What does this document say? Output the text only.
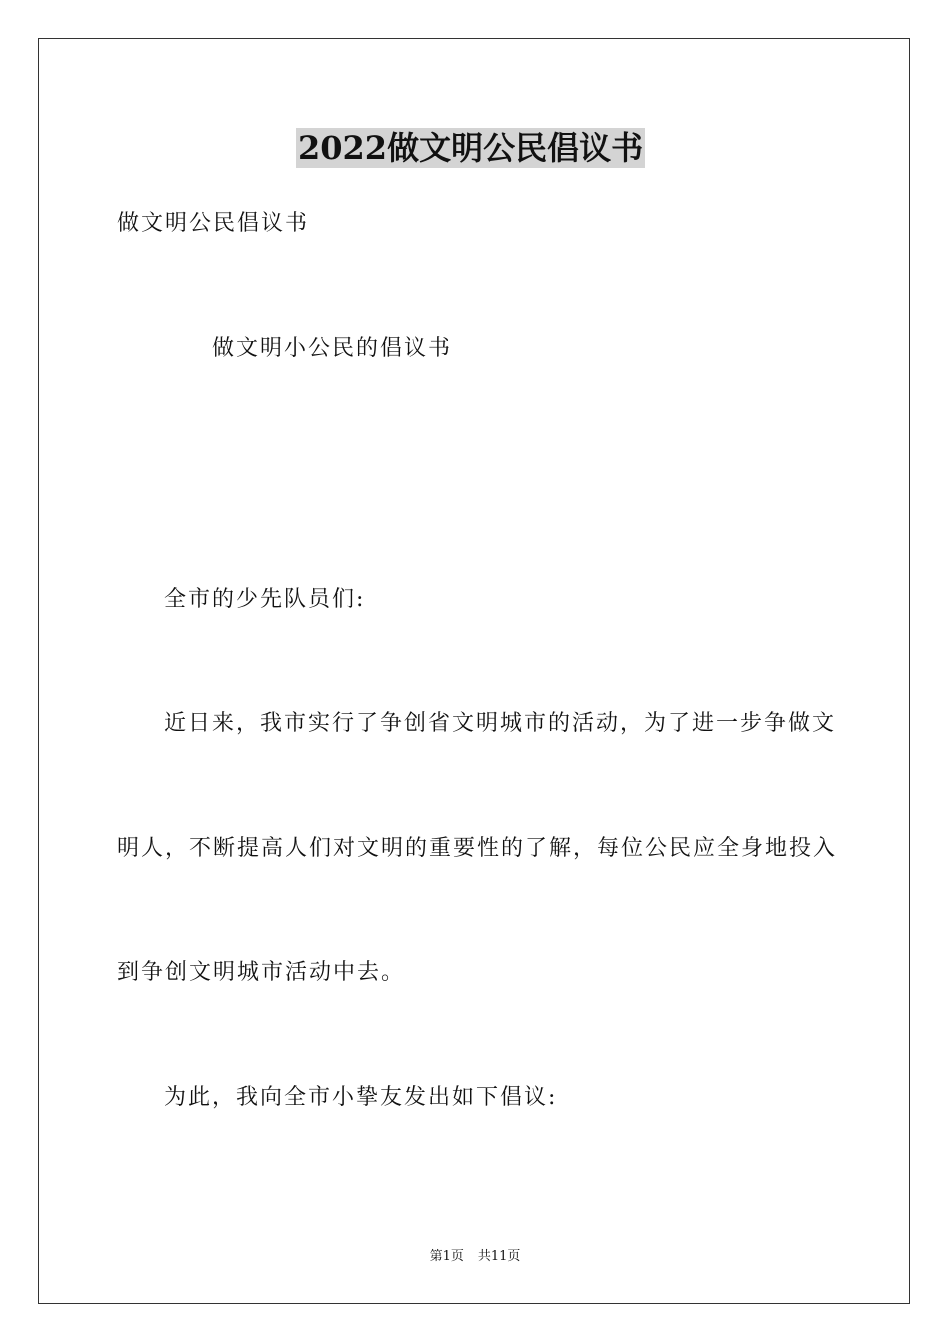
2022做文明公民倡议书
做文明公民倡议书
做文明小公民的倡议书
全市的少先队员们:
近日来，我市实行了争创省文明城市的活动，为了进一步争做文
明人，不断提高人们对文明的重要性的了解，每位公民应全身地投入
到争创文明城市活动中去。
为此，我向全市小挚友发出如下倡议:
第1页 共11页
